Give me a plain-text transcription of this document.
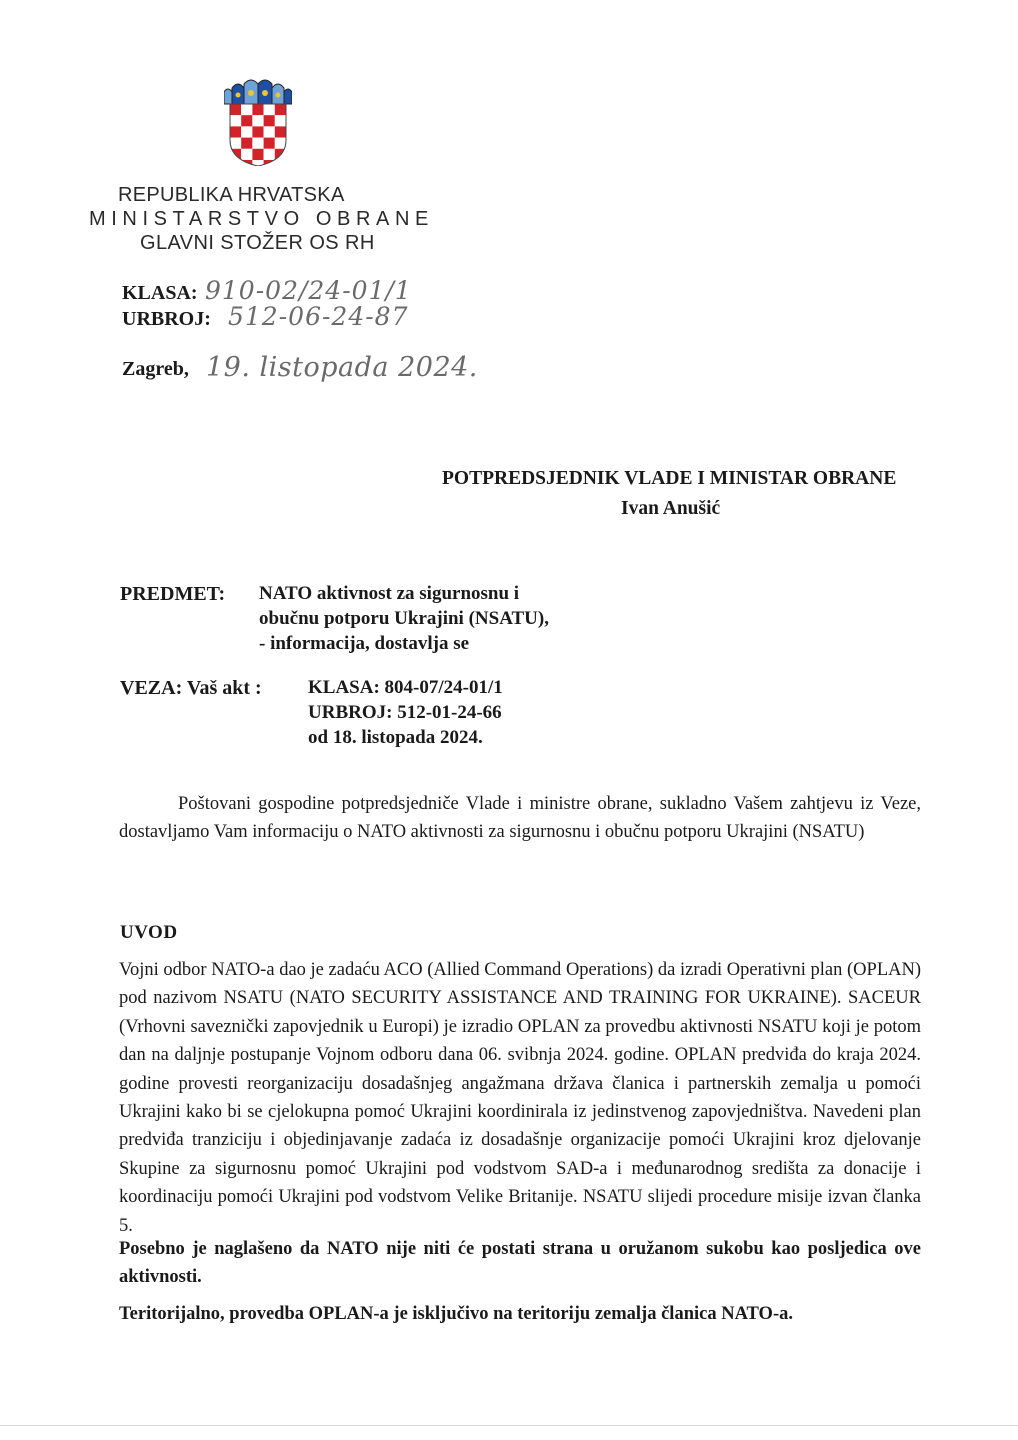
REPUBLIKA HRVATSKA
MINISTARSTVO OBRANE
GLAVNI STOŽER OS RH
KLASA: 910-02/24-01/1
URBROJ: 512-06-24-87
Zagreb, 19. listopada 2024.
POTPREDSJEDNIK VLADE I MINISTAR OBRANE
Ivan Anušić
PREDMET: NATO aktivnost za sigurnosnu i
obučnu potporu Ukrajini (NSATU),
- informacija, dostavlja se
VEZA: Vaš akt : KLASA: 804-07/24-01/1
URBROJ: 512-01-24-66
od 18. listopada 2024.

Poštovani gospodine potpredsjedniče Vlade i ministre obrane, sukladno Vašem zahtjevu iz Veze, dostavljamo Vam informaciju o NATO aktivnosti za sigurnosnu i obučnu potporu Ukrajini (NSATU)

UVOD

Vojni odbor NATO-a dao je zadaću ACO (Allied Command Operations) da izradi Operativni plan (OPLAN) pod nazivom NSATU (NATO SECURITY ASSISTANCE AND TRAINING FOR UKRAINE). SACEUR (Vrhovni saveznički zapovjednik u Europi) je izradio OPLAN za provedbu aktivnosti NSATU koji je potom dan na daljnje postupanje Vojnom odboru dana 06. svibnja 2024. godine. OPLAN predviđa do kraja 2024. godine provesti reorganizaciju dosadašnjeg angažmana država članica i partnerskih zemalja u pomoći Ukrajini kako bi se cjelokupna pomoć Ukrajini koordinirala iz jedinstvenog zapovjedništva. Navedeni plan predviđa tranziciju i objedinjavanje zadaća iz dosadašnje organizacije pomoći Ukrajini kroz djelovanje Skupine za sigurnosnu pomoć Ukrajini pod vodstvom SAD-a i međunarodnog središta za donacije i koordinaciju pomoći Ukrajini pod vodstvom Velike Britanije. NSATU slijedi procedure misije izvan članka 5.

Posebno je naglašeno da NATO nije niti će postati strana u oružanom sukobu kao posljedica ove aktivnosti.

Teritorijalno, provedba OPLAN-a je isključivo na teritoriju zemalja članica NATO-a.
